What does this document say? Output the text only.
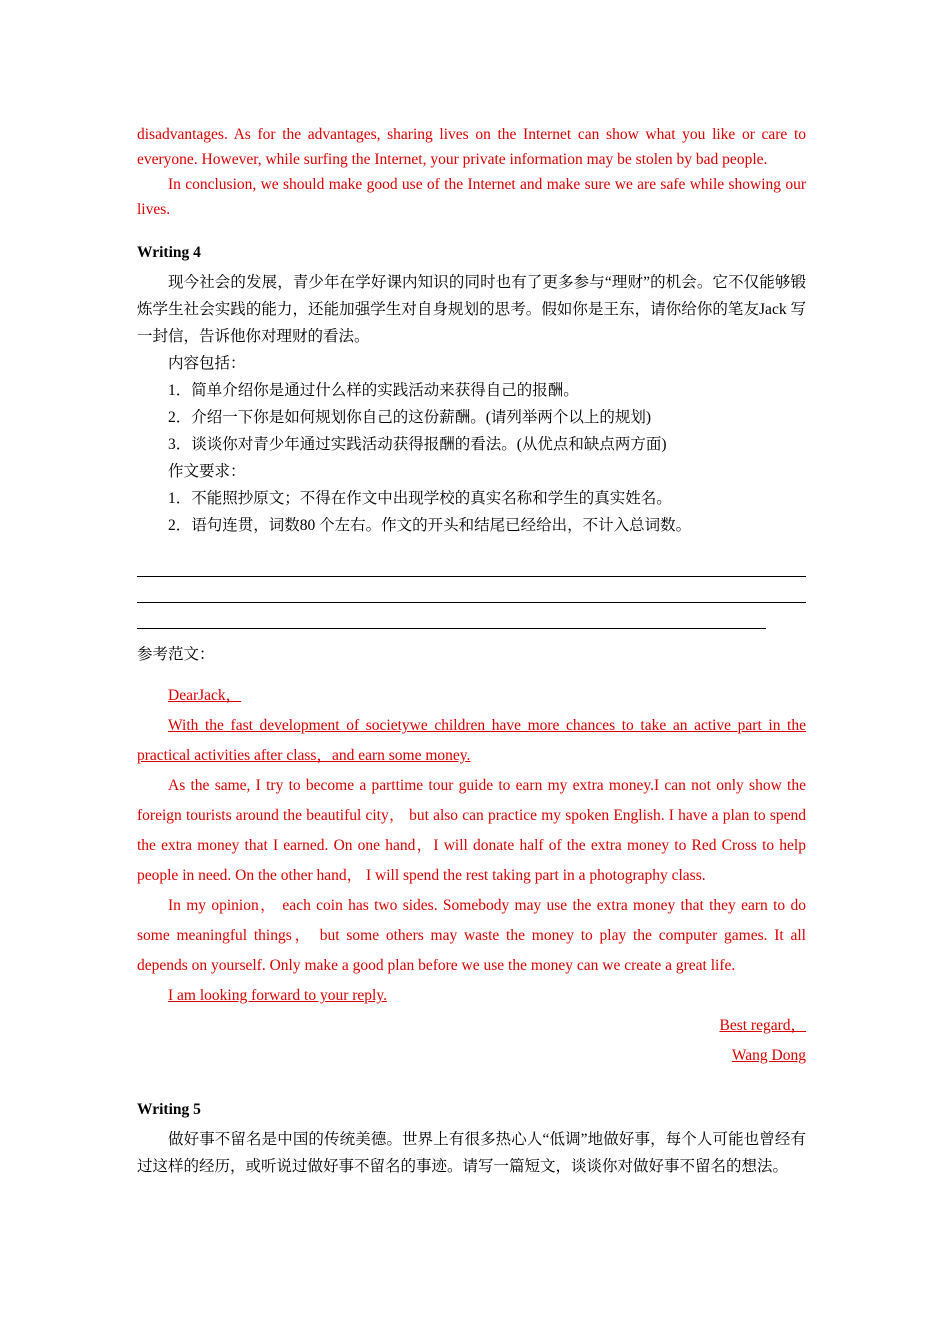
disadvantages. As for the advantages, sharing lives on the Internet can show what you like or care to everyone. However, while surfing the Internet, your private information may be stolen by bad people.

In conclusion, we should make good use of the Internet and make sure we are safe while showing our lives.

Writing 4

现今社会的发展，青少年在学好课内知识的同时也有了更多参与“理财”的机会。它不仅能够锻炼学生社会实践的能力，还能加强学生对自身规划的思考。假如你是王东，请你给你的笔友Jack 写一封信，告诉他你对理财的看法。

内容包括：

1．简单介绍你是通过什么样的实践活动来获得自己的报酬。

2．介绍一下你是如何规划你自己的这份薪酬。(请列举两个以上的规划)

3．谈谈你对青少年通过实践活动获得报酬的看法。(从优点和缺点两方面)

作文要求：

1．不能照抄原文；不得在作文中出现学校的真实名称和学生的真实姓名。

2．语句连贯，词数80 个左右。作文的开头和结尾已经给出，不计入总词数。

参考范文：

DearJack，

With the fast development of societywe children have more chances to take an active part in the practical activities after class，and earn some money.

As the same, I try to become a parttime tour guide to earn my extra money.I can not only show the foreign tourists around the beautiful city， but also can practice my spoken English. I have a plan to spend the extra money that I earned. On one hand，I will donate half of the extra money to Red Cross to help people in need. On the other hand， I will spend the rest taking part in a photography class.

In my opinion， each coin has two sides. Somebody may use the extra money that they earn to do some meaningful things， but some others may waste the money to play the computer games. It all depends on yourself. Only make a good plan before we use the money can we create a great life.

I am looking forward to your reply.

Best regard，

Wang Dong

Writing 5

做好事不留名是中国的传统美德。世界上有很多热心人“低调”地做好事，每个人可能也曾经有过这样的经历，或听说过做好事不留名的事迹。请写一篇短文，谈谈你对做好事不留名的想法。
